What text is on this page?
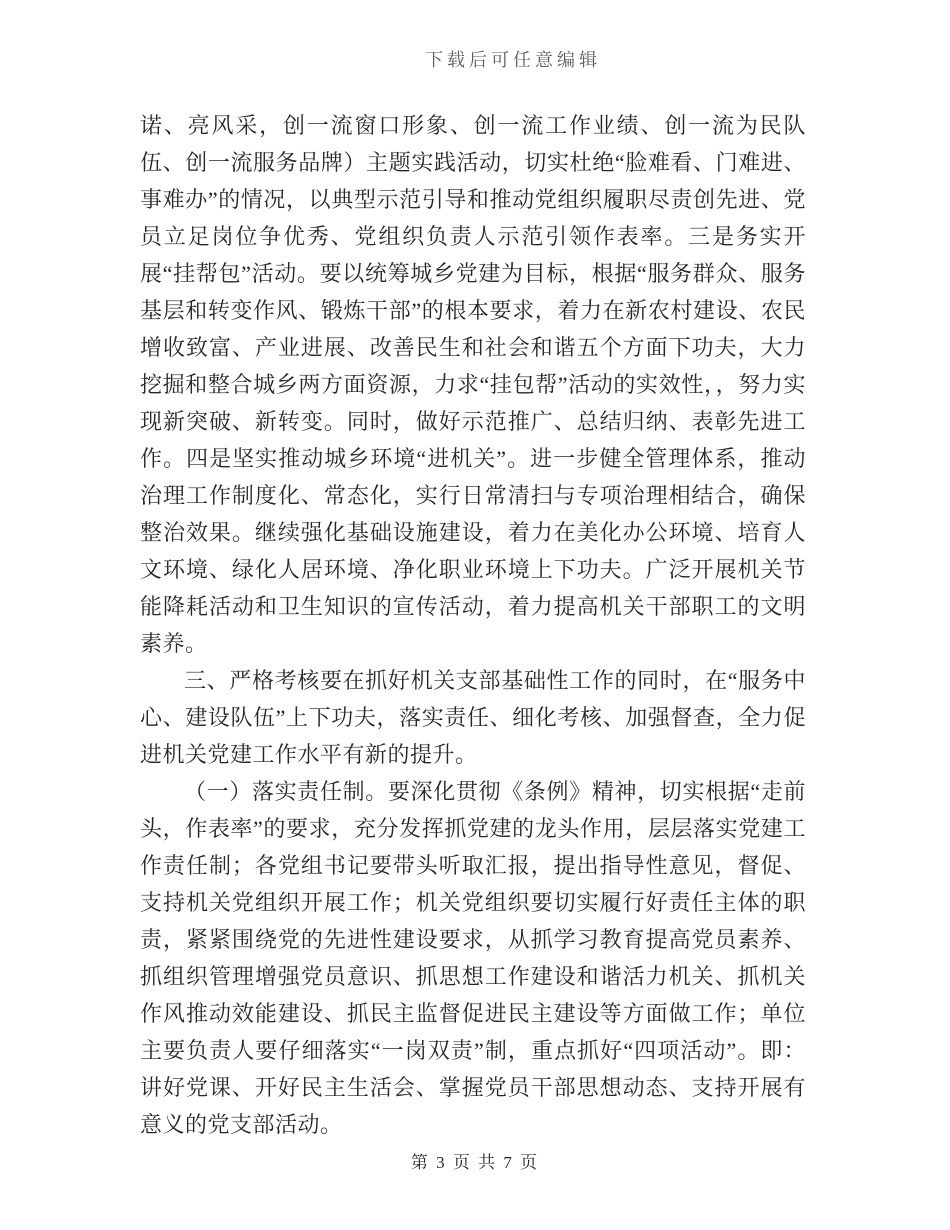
下载后可任意编辑

诺、亮风采，创一流窗口形象、创一流工作业绩、创一流为民队伍、创一流服务品牌）主题实践活动，切实杜绝“脸难看、门难进、事难办”的情况，以典型示范引导和推动党组织履职尽责创先进、党员立足岗位争优秀、党组织负责人示范引领作表率。三是务实开展“挂帮包”活动。要以统筹城乡党建为目标，根据“服务群众、服务基层和转变作风、锻炼干部”的根本要求，着力在新农村建设、农民增收致富、产业进展、改善民生和社会和谐五个方面下功夫，大力挖掘和整合城乡两方面资源，力求“挂包帮”活动的实效性，，努力实现新突破、新转变。同时，做好示范推广、总结归纳、表彰先进工作。四是坚实推动城乡环境“进机关”。进一步健全管理体系，推动治理工作制度化、常态化，实行日常清扫与专项治理相结合，确保整治效果。继续强化基础设施建设，着力在美化办公环境、培育人文环境、绿化人居环境、净化职业环境上下功夫。广泛开展机关节能降耗活动和卫生知识的宣传活动，着力提高机关干部职工的文明素养。

三、严格考核要在抓好机关支部基础性工作的同时，在“服务中心、建设队伍”上下功夫，落实责任、细化考核、加强督查，全力促进机关党建工作水平有新的提升。

（一）落实责任制。要深化贯彻《条例》精神，切实根据“走前头，作表率”的要求，充分发挥抓党建的龙头作用，层层落实党建工作责任制；各党组书记要带头听取汇报，提出指导性意见，督促、支持机关党组织开展工作；机关党组织要切实履行好责任主体的职责，紧紧围绕党的先进性建设要求，从抓学习教育提高党员素养、抓组织管理增强党员意识、抓思想工作建设和谐活力机关、抓机关作风推动效能建设、抓民主监督促进民主建设等方面做工作；单位主要负责人要仔细落实“一岗双责”制，重点抓好“四项活动”。即：讲好党课、开好民主生活会、掌握党员干部思想动态、支持开展有意义的党支部活动。

第 3 页 共 7 页
